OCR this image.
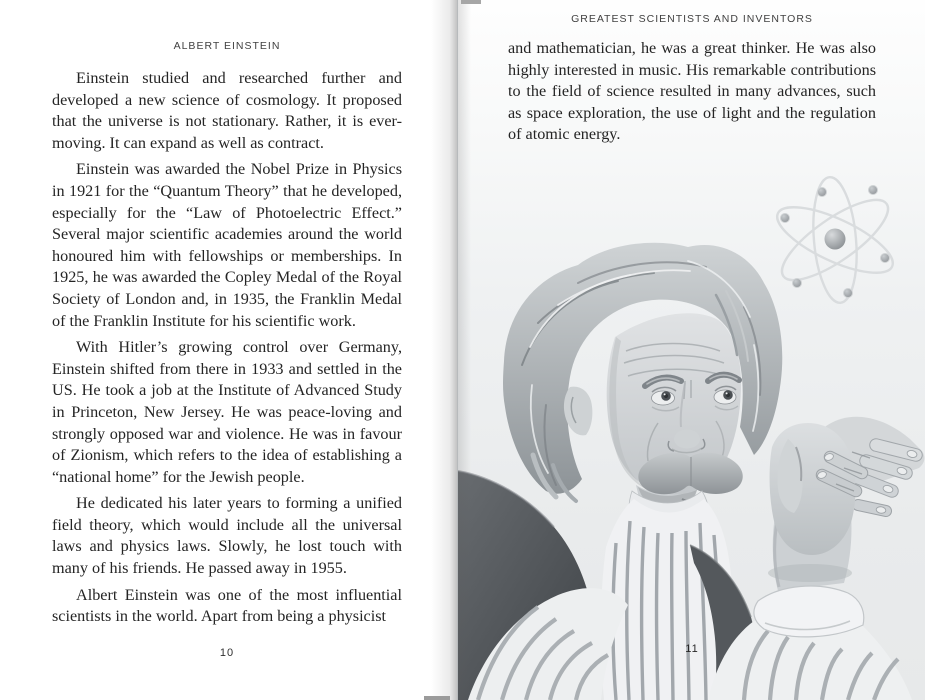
ALBERT EINSTEIN

Einstein studied and researched further and developed a new science of cosmology. It proposed that the universe is not stationary. Rather, it is ever-moving. It can expand as well as contract.

Einstein was awarded the Nobel Prize in Physics in 1921 for the “Quantum Theory” that he developed, especially for the “Law of Photoelectric Effect.” Several major scientific academies around the world honoured him with fellowships or memberships. In 1925, he was awarded the Copley Medal of the Royal Society of London and, in 1935, the Franklin Medal of the Franklin Institute for his scientific work.

With Hitler’s growing control over Germany, Einstein shifted from there in 1933 and settled in the US. He took a job at the Institute of Advanced Study in Princeton, New Jersey. He was peace-loving and strongly opposed war and violence. He was in favour of Zionism, which refers to the idea of establishing a “national home” for the Jewish people.

He dedicated his later years to forming a unified field theory, which would include all the universal laws and physics laws. Slowly, he lost touch with many of his friends. He passed away in 1955.

Albert Einstein was one of the most influential scientists in the world. Apart from being a physicist

10
GREATEST SCIENTISTS AND INVENTORS

and mathematician, he was a great thinker. He was also highly interested in music. His remarkable contributions to the field of science resulted in many advances, such as space exploration, the use of light and the regulation of atomic energy.

11
